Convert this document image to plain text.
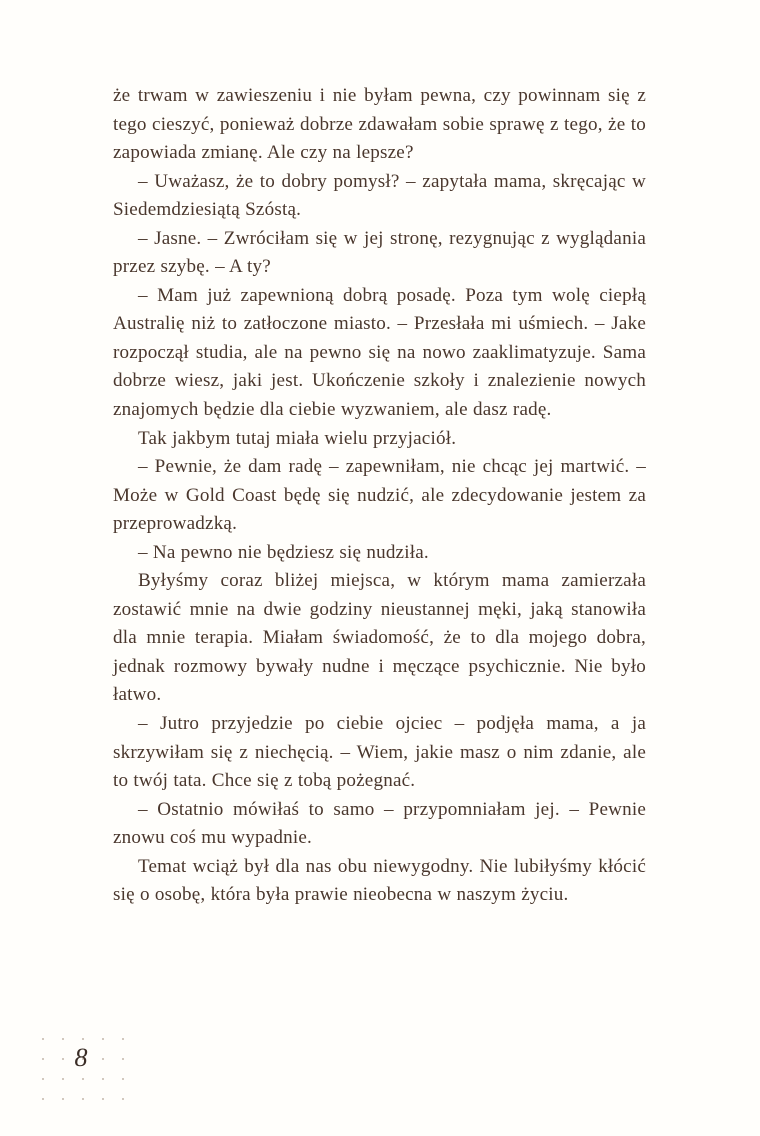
że trwam w zawieszeniu i nie byłam pewna, czy powinnam się z tego cieszyć, ponieważ dobrze zdawałam sobie sprawę z tego, że to zapowiada zmianę. Ale czy na lepsze?

– Uważasz, że to dobry pomysł? – zapytała mama, skręcając w Siedemdziesiątą Szóstą.

– Jasne. – Zwróciłam się w jej stronę, rezygnując z wyglądania przez szybę. – A ty?

– Mam już zapewnioną dobrą posadę. Poza tym wolę ciepłą Australię niż to zatłoczone miasto. – Przesłała mi uśmiech. – Jake rozpoczął studia, ale na pewno się na nowo zaaklimatyzuje. Sama dobrze wiesz, jaki jest. Ukończenie szkoły i znalezienie nowych znajomych będzie dla ciebie wyzwaniem, ale dasz radę.

Tak jakbym tutaj miała wielu przyjaciół.

– Pewnie, że dam radę – zapewniłam, nie chcąc jej martwić. – Może w Gold Coast będę się nudzić, ale zdecydowanie jestem za przeprowadzką.

– Na pewno nie będziesz się nudziła.

Byłyśmy coraz bliżej miejsca, w którym mama zamierzała zostawić mnie na dwie godziny nieustannej męki, jaką stanowiła dla mnie terapia. Miałam świadomość, że to dla mojego dobra, jednak rozmowy bywały nudne i męczące psychicznie. Nie było łatwo.

– Jutro przyjedzie po ciebie ojciec – podjęła mama, a ja skrzywiłam się z niechęcią. – Wiem, jakie masz o nim zdanie, ale to twój tata. Chce się z tobą pożegnać.

– Ostatnio mówiłaś to samo – przypomniałam jej. – Pewnie znowu coś mu wypadnie.

Temat wciąż był dla nas obu niewygodny. Nie lubiłyśmy kłócić się o osobę, która była prawie nieobecna w naszym życiu.

8
